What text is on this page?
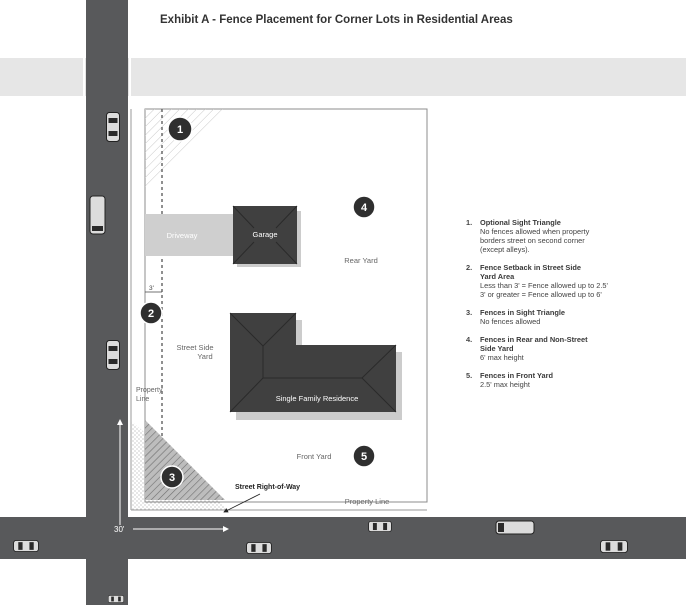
3'
Driveway	Garage
Single Family Residence
Rear Yard
Street Side
Yard
Front Yard
Property
Line
Property Line
Street Right-of-Way
30'
1
2
3
4
5
Exhibit A - Fence Placement for Corner Lots in Residential Areas
1. Optional Sight Triangle
No fences allowed when property
borders street on second corner
(except alleys).
2. Fence Setback in Street Side
Yard Area
Less than 3' = Fence allowed up to 2.5'
3' or greater = Fence allowed up to 6'
3. Fences in Sight Triangle
No fences allowed
4. Fences in Rear and Non-Street
Side Yard
6' max height
5. Fences in Front Yard
2.5' max height
